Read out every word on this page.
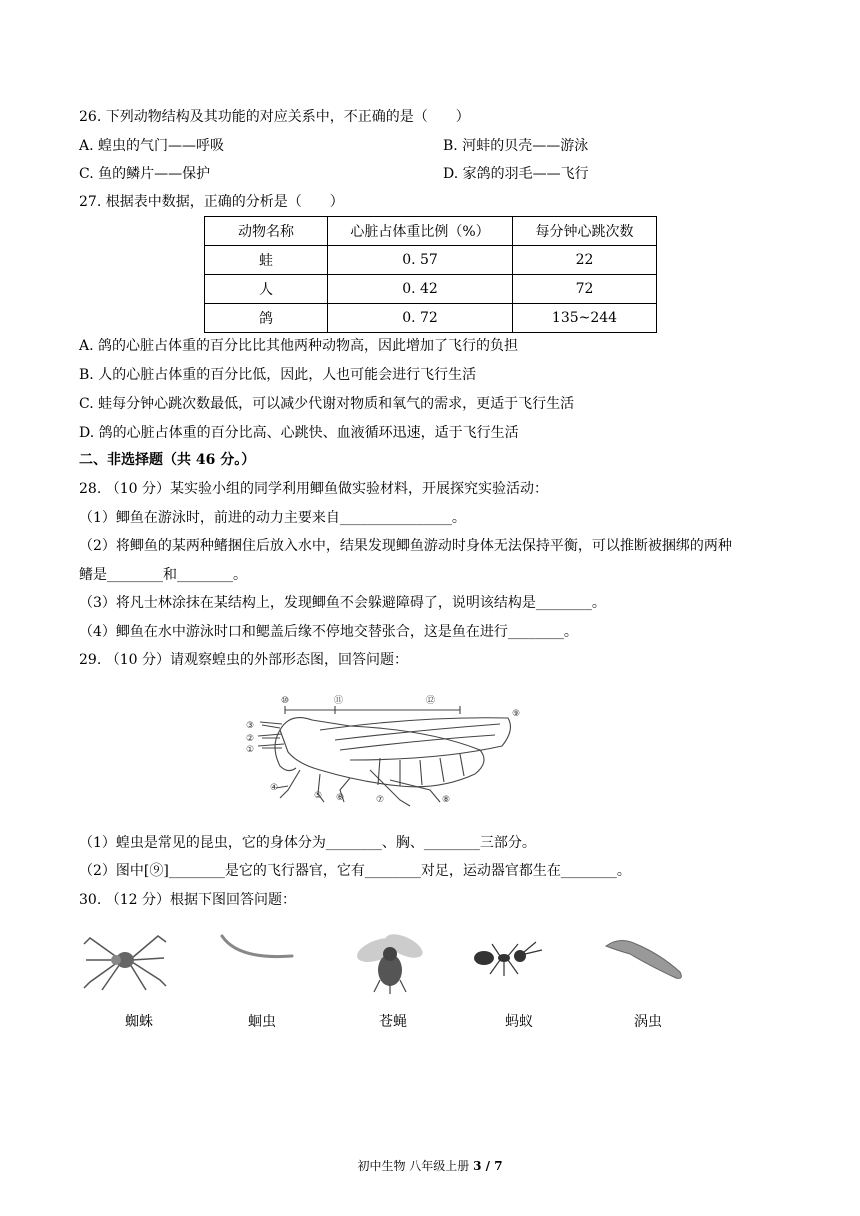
26. 下列动物结构及其功能的对应关系中，不正确的是（　　）
A. 蝗虫的气门——呼吸	B. 河蚌的贝壳——游泳
C. 鱼的鳞片——保护	D. 家鸽的羽毛——飞行
27. 根据表中数据，正确的分析是（　　）
动物名称	心脏占体重比例（%）	每分钟心跳次数
蛙	0. 57	22
人	0. 42	72
鸽	0. 72	135~244
A. 鸽的心脏占体重的百分比比其他两种动物高，因此增加了飞行的负担
B. 人的心脏占体重的百分比低，因此，人也可能会进行飞行生活
C. 蛙每分钟心跳次数最低，可以减少代谢对物质和氧气的需求，更适于飞行生活
D. 鸽的心脏占体重的百分比高、心跳快、血液循环迅速，适于飞行生活
二、非选择题（共 46 分。）
28. （10 分）某实验小组的同学利用鲫鱼做实验材料，开展探究实验活动：
（1）鲫鱼在游泳时，前进的动力主要来自________________。
（2）将鲫鱼的某两种鳍捆住后放入水中，结果发现鲫鱼游动时身体无法保持平衡，可以推断被捆绑的两种
鳍是________和________。
（3）将凡士林涂抹在某结构上，发现鲫鱼不会躲避障碍了，说明该结构是________。
（4）鲫鱼在水中游泳时口和鳃盖后缘不停地交替张合，这是鱼在进行________。
29. （10 分）请观察蝗虫的外部形态图，回答问题：
⑩	⑪	⑫
⑨
③
②
①
④
⑤ ⑥	⑦	⑧
（1）蝗虫是常见的昆虫，它的身体分为________、胸、________三部分。
（2）图中[⑨]________是它的飞行器官，它有________对足，运动器官都生在________。
30. （12 分）根据下图回答问题：
蜘蛛	蛔虫	苍蝇	蚂蚁	涡虫
初中生物 八年级上册 3 / 7
